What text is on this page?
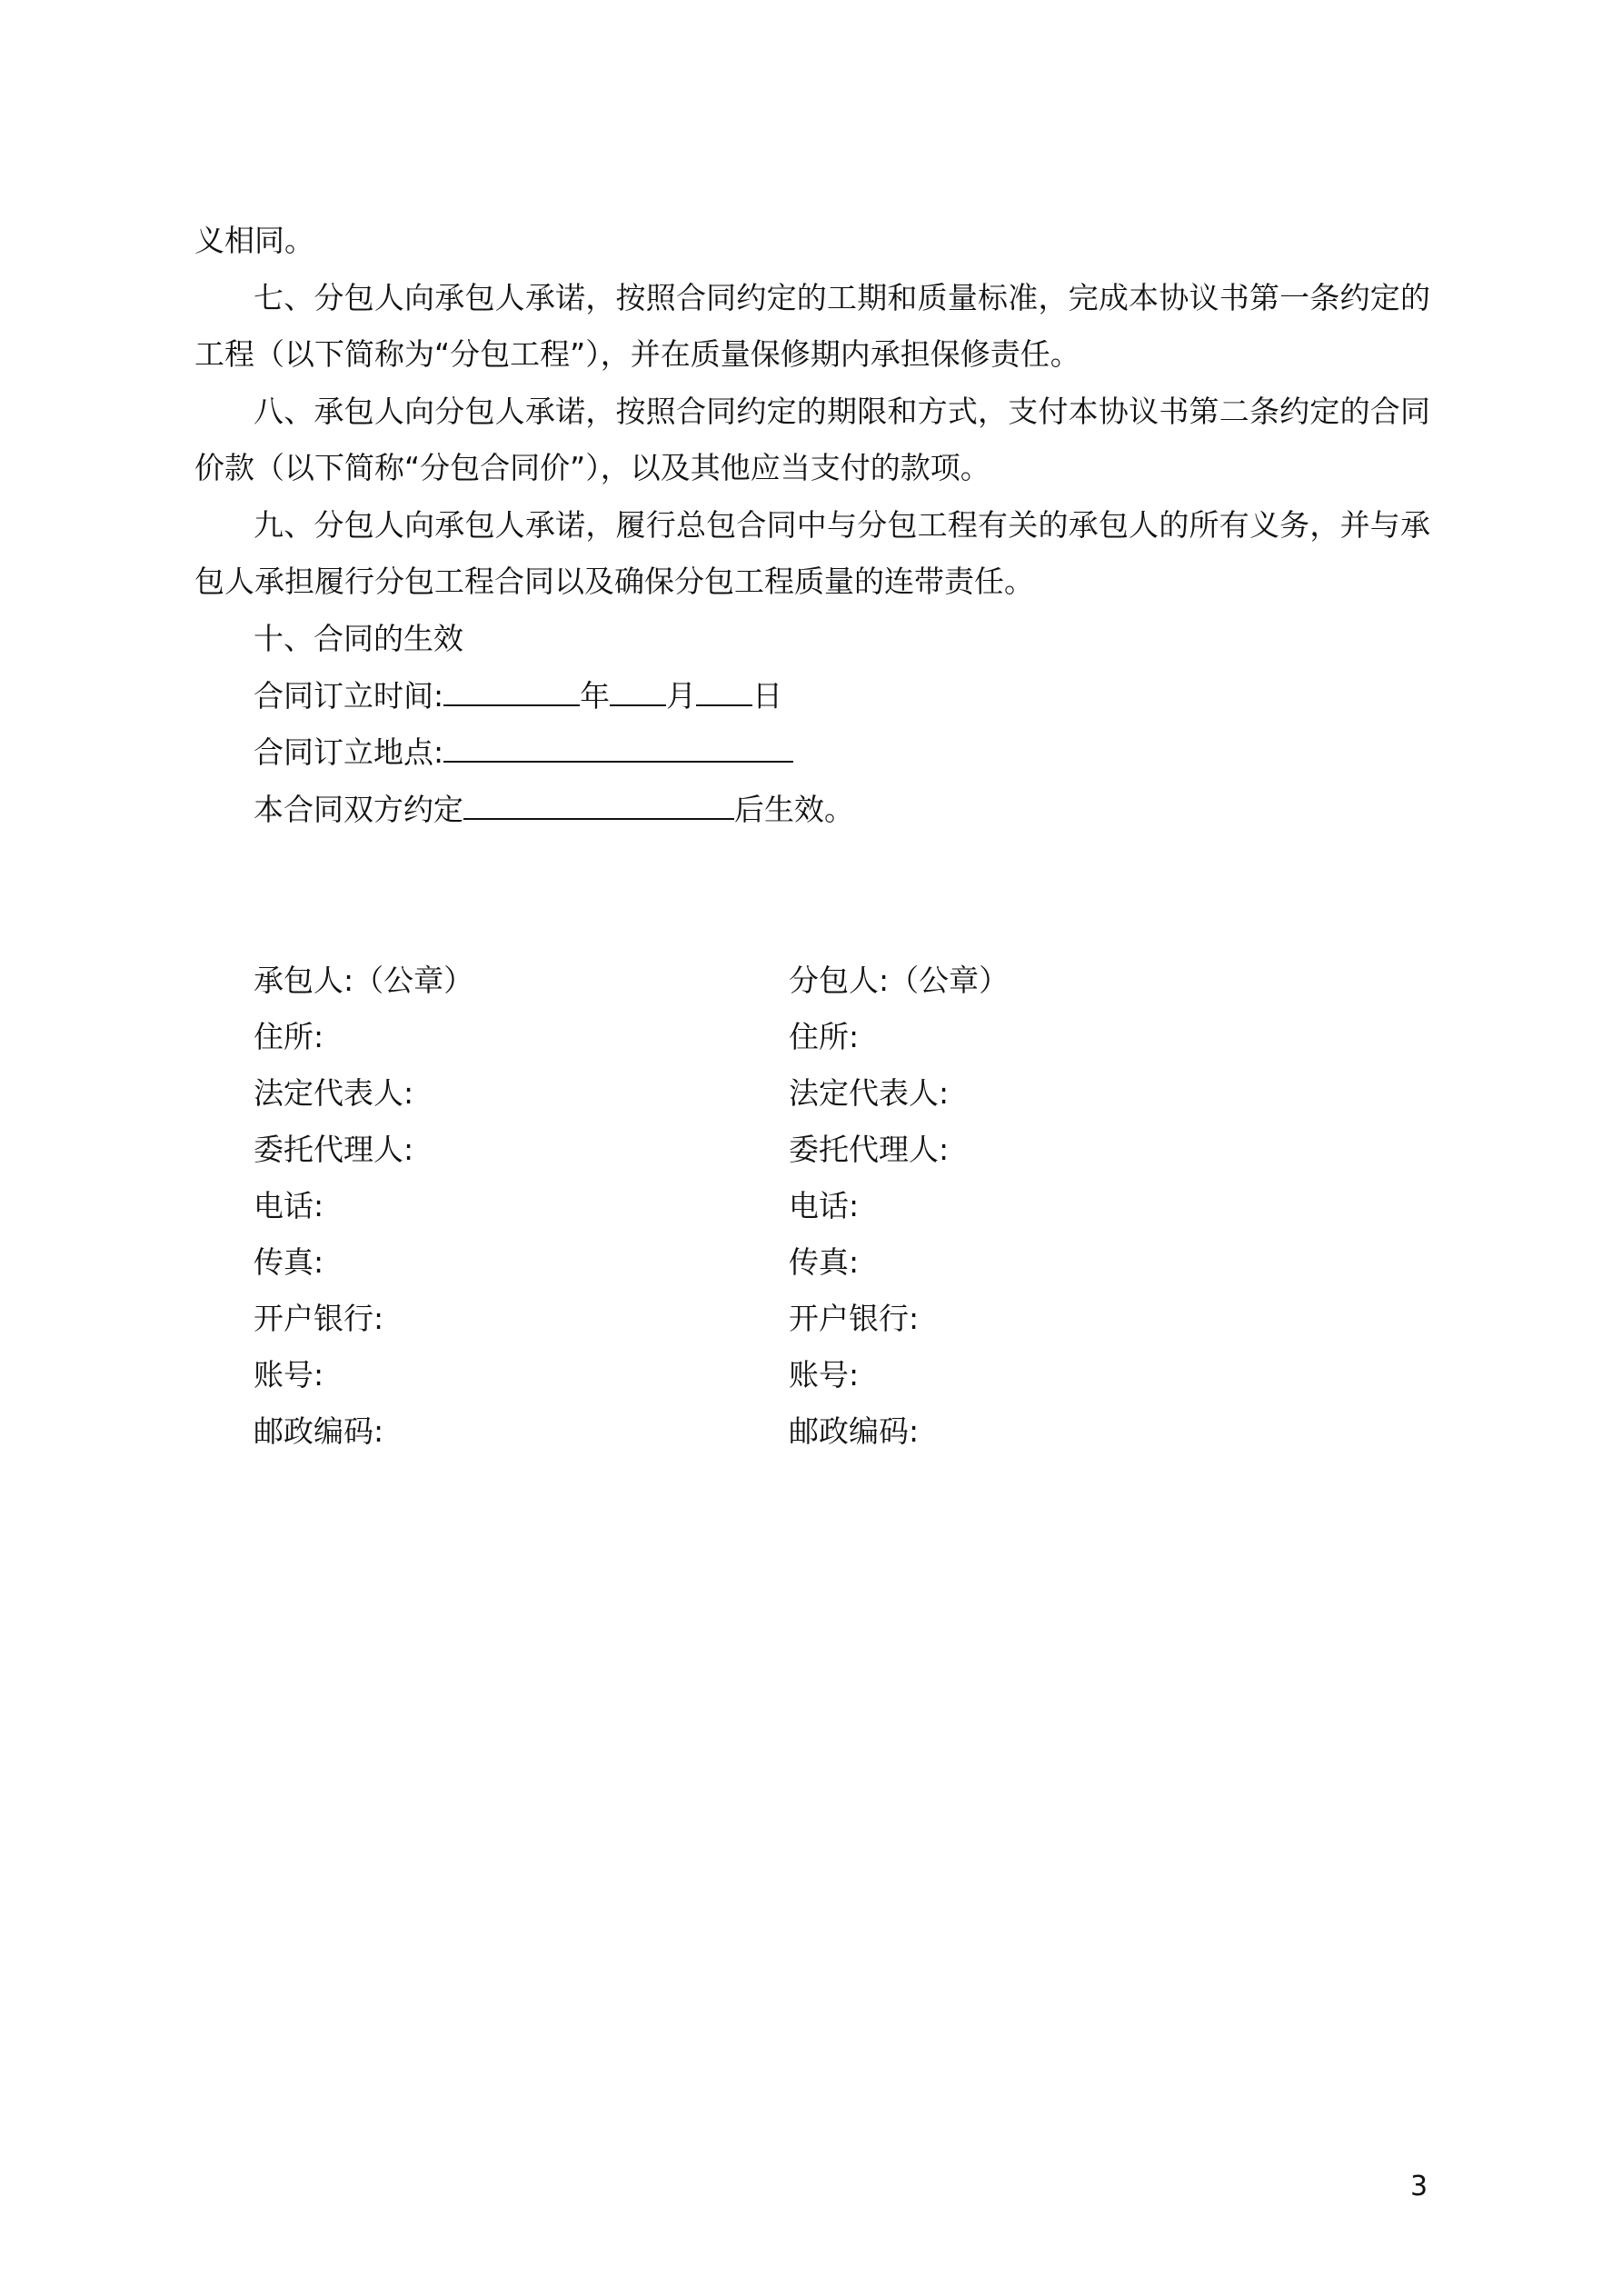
义相同。
七、分包人向承包人承诺，按照合同约定的工期和质量标准，完成本协议书第一条约定的
工程（以下简称为“分包工程”），并在质量保修期内承担保修责任。
八、承包人向分包人承诺，按照合同约定的期限和方式，支付本协议书第二条约定的合同
价款（以下简称“分包合同价”），以及其他应当支付的款项。
九、分包人向承包人承诺，履行总包合同中与分包工程有关的承包人的所有义务，并与承
包人承担履行分包工程合同以及确保分包工程质量的连带责任。
十、合同的生效
合同订立时间:	年 月 日
合同订立地点:
本合同双方约定	后生效。
承包人:（公章）
住所:
法定代表人:
委托代理人:
电话:
传真:
开户银行:
账号:
邮政编码:
分包人:（公章）
住所:
法定代表人:
委托代理人:
电话:
传真:
开户银行:
账号:
邮政编码:
3
